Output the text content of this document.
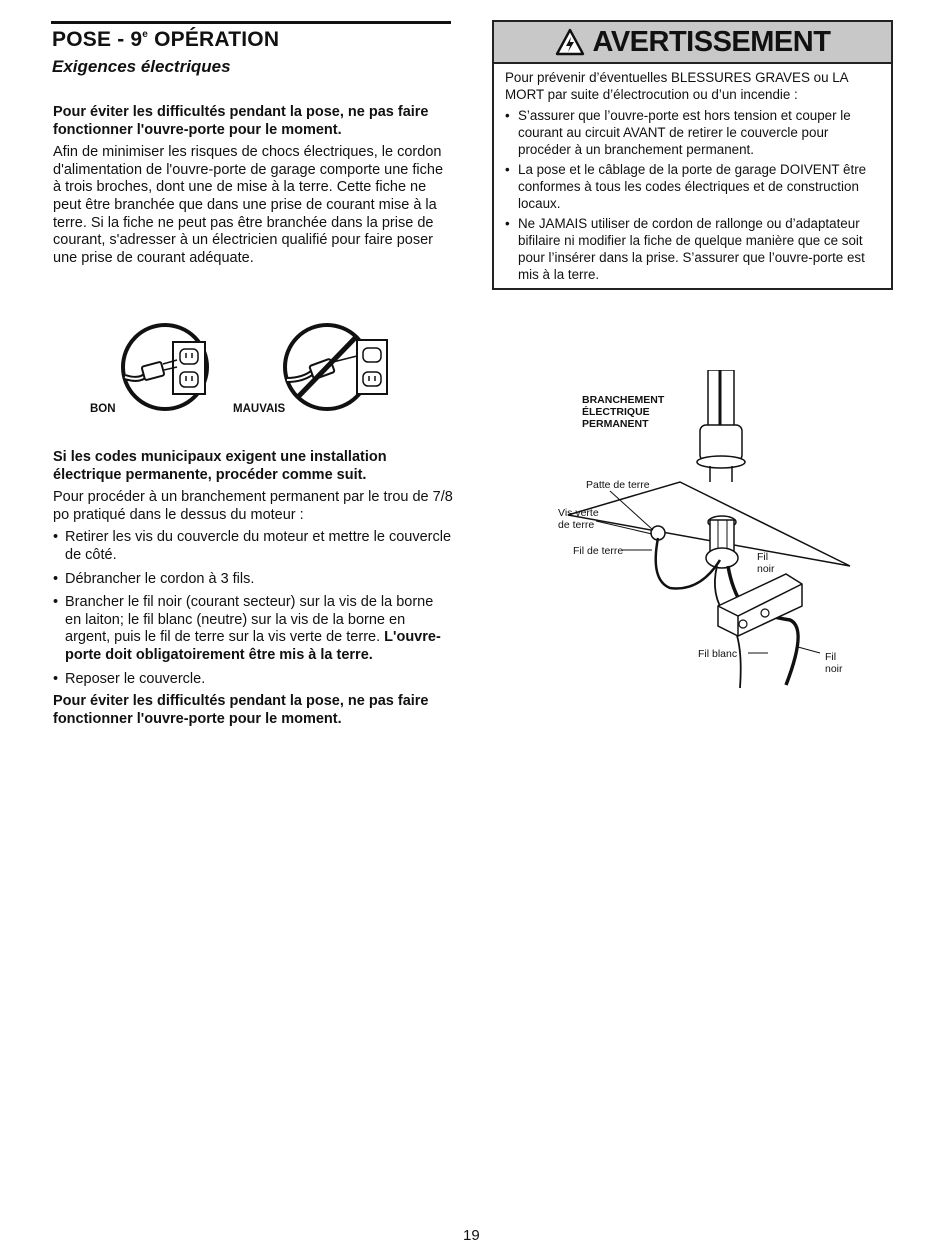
POSE - 9e OPÉRATION
Exigences électriques

Pour éviter les difficultés pendant la pose, ne pas faire fonctionner l'ouvre-porte pour le moment.

Afin de minimiser les risques de chocs électriques, le cordon d'alimentation de l'ouvre-porte de garage comporte une fiche à trois broches, dont une de mise à la terre. Cette fiche ne peut être branchée que dans une prise de courant mise à la terre. Si la fiche ne peut pas être branchée dans la prise de courant, s'adresser à un électricien qualifié pour faire poser une prise de courant adéquate.

BON	MAUVAIS

Si les codes municipaux exigent une installation électrique permanente, procéder comme suit.

Pour procéder à un branchement permanent par le trou de 7/8 po pratiqué dans le dessus du moteur :

• Retirer les vis du couvercle du moteur et mettre le couvercle de côté.
• Débrancher le cordon à 3 fils.
• Brancher le fil noir (courant secteur) sur la vis de la borne en laiton; le fil blanc (neutre) sur la vis de la borne en argent, puis le fil de terre sur la vis verte de terre. L'ouvre-porte doit obligatoirement être mis à la terre.
• Reposer le couvercle.

Pour éviter les difficultés pendant la pose, ne pas faire fonctionner l'ouvre-porte pour le moment.

AVERTISSEMENT

Pour prévenir d’éventuelles BLESSURES GRAVES ou LA MORT par suite d’électrocution ou d’un incendie :

• S’assurer que l’ouvre-porte est hors tension et couper le courant au circuit AVANT de retirer le couvercle pour procéder à un branchement permanent.
• La pose et le câblage de la porte de garage DOIVENT être conformes à tous les codes électriques et de construction locaux.
• Ne JAMAIS utiliser de cordon de rallonge ou d’adaptateur bifilaire ni modifier la fiche de quelque manière que ce soit pour l’insérer dans la prise. S’assurer que l’ouvre-porte est mis à la terre.
BRANCHEMENT
ÉLECTRIQUE
PERMANENT
Patte de terre
Vis verte
de terre
Fil de terre	Fil
noir
Fil blanc	Fil
noir
19
